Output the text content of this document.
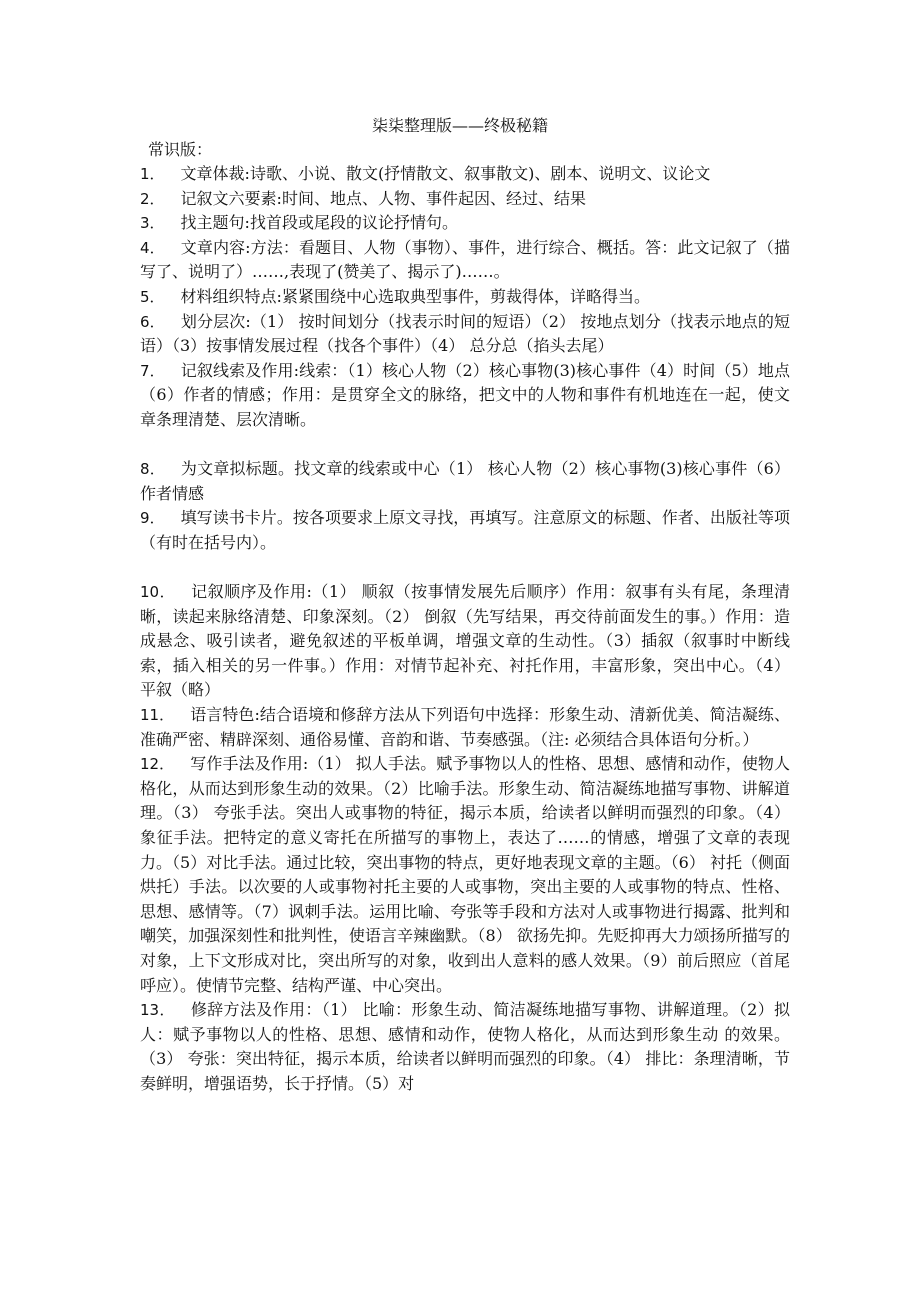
柒柒整理版——终极秘籍
常识版：

1． 文章体裁:诗歌、小说、散文(抒情散文、叙事散文)、剧本、说明文、议论文

2． 记叙文六要素:时间、地点、人物、事件起因、经过、结果

3． 找主题句:找首段或尾段的议论抒情句。

4． 文章内容:方法：看题目、人物（事物）、事件，进行综合、概括。答：此文记叙了（描写了、说明了）……,表现了(赞美了、揭示了)……。

5． 材料组织特点:紧紧围绕中心选取典型事件，剪裁得体，详略得当。

6． 划分层次:（1） 按时间划分（找表示时间的短语）（2） 按地点划分（找表示地点的短语）（3）按事情发展过程（找各个事件）（4） 总分总（掐头去尾）

7． 记叙线索及作用:线索：（1）核心人物（2）核心事物(3)核心事件（4）时间（5）地点（6）作者的情感；作用：是贯穿全文的脉络，把文中的人物和事件有机地连在一起，使文章条理清楚、层次清晰。

8． 为文章拟标题。找文章的线索或中心（1） 核心人物（2）核心事物(3)核心事件（6）作者情感

9． 填写读书卡片。按各项要求上原文寻找，再填写。注意原文的标题、作者、出版社等项（有时在括号内）。

10． 记叙顺序及作用:（1） 顺叙（按事情发展先后顺序）作用：叙事有头有尾，条理清晰，读起来脉络清楚、印象深刻。（2） 倒叙（先写结果，再交待前面发生的事。）作用：造成悬念、吸引读者，避免叙述的平板单调，增强文章的生动性。（3）插叙（叙事时中断线索，插入相关的另一件事。）作用：对情节起补充、衬托作用，丰富形象，突出中心。（4） 平叙（略）

11． 语言特色:结合语境和修辞方法从下列语句中选择：形象生动、清新优美、简洁凝练、准确严密、精辟深刻、通俗易懂、音韵和谐、节奏感强。（注: 必须结合具体语句分析。）

12． 写作手法及作用:（1） 拟人手法。赋予事物以人的性格、思想、感情和动作，使物人格化，从而达到形象生动的效果。（2）比喻手法。形象生动、简洁凝练地描写事物、讲解道理。（3） 夸张手法。突出人或事物的特征，揭示本质，给读者以鲜明而强烈的印象。（4） 象征手法。把特定的意义寄托在所描写的事物上，表达了……的情感，增强了文章的表现力。（5）对比手法。通过比较，突出事物的特点，更好地表现文章的主题。（6） 衬托（侧面烘托）手法。以次要的人或事物衬托主要的人或事物，突出主要的人或事物的特点、性格、思想、感情等。（7）讽刺手法。运用比喻、夸张等手段和方法对人或事物进行揭露、批判和嘲笑，加强深刻性和批判性，使语言辛辣幽默。（8） 欲扬先抑。先贬抑再大力颂扬所描写的对象，上下文形成对比，突出所写的对象，收到出人意料的感人效果。（9）前后照应（首尾呼应）。使情节完整、结构严谨、中心突出。

13． 修辞方法及作用：（1） 比喻：形象生动、简洁凝练地描写事物、讲解道理。（2）拟人：赋予事物以人的性格、思想、感情和动作，使物人格化，从而达到形象生动 的效果。（3） 夸张：突出特征，揭示本质，给读者以鲜明而强烈的印象。（4） 排比：条理清晰，节奏鲜明，增强语势，长于抒情。（5）对
